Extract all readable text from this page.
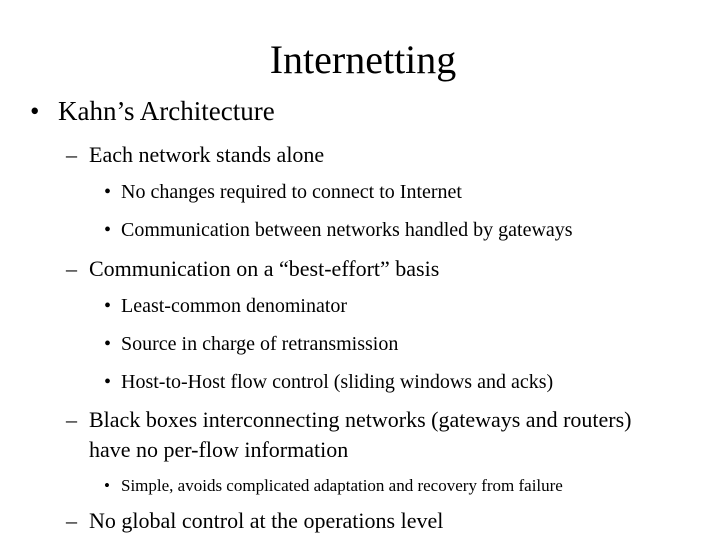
Internetting
• Kahn’s Architecture
– Each network stands alone
• No changes required to connect to Internet
• Communication between networks handled by gateways
– Communication on a “best-effort” basis
• Least-common denominator
• Source in charge of retransmission
• Host-to-Host flow control (sliding windows and acks)
– Black boxes interconnecting networks (gateways and routers)
have no per-flow information
• Simple, avoids complicated adaptation and recovery from failure
– No global control at the operations level
